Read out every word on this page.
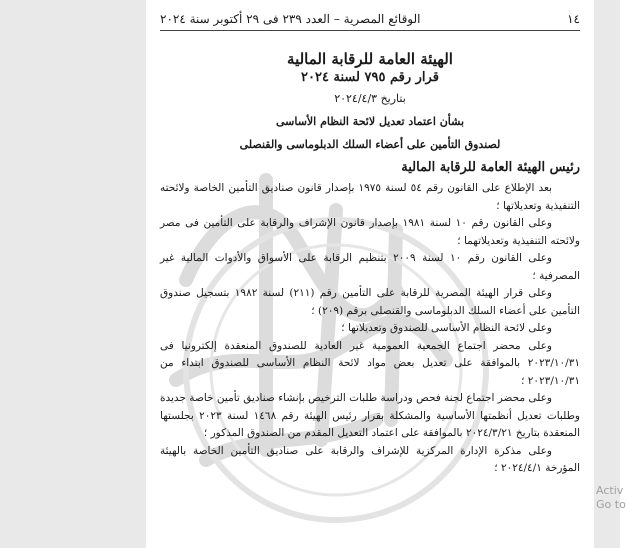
١٤
الوقائع المصرية – العدد ٢٣٩ فى ٢٩ أكتوبر سنة ٢٠٢٤
الهيئة العامة للرقابة المالية
قرار رقم ٧٩٥ لسنة ٢٠٢٤
بتاريخ ٢٠٢٤/٤/٣
بشأن اعتماد تعديل لائحة النظام الأساسى
لصندوق التأمين على أعضاء السلك الدبلوماسى والقنصلى
رئيس الهيئة العامة للرقابة المالية

بعد الإطلاع على القانون رقم ٥٤ لسنة ١٩٧٥ بإصدار قانون صناديق التأمين الخاصة ولائحته التنفيذية وتعديلاتها ؛

وعلى القانون رقم ١٠ لسنة ١٩٨١ بإصدار قانون الإشراف والرقابة على التأمين فى مصر ولائحته التنفيذية وتعديلاتهما ؛

وعلى القانون رقم ١٠ لسنة ٢٠٠٩ بتنظيم الرقابة على الأسواق والأدوات المالية غير المصرفية ؛

وعلى قرار الهيئة المصرية للرقابة على التأمين رقم (٢١١) لسنة ١٩٨٢ بتسجيل صندوق التأمين على أعضاء السلك الدبلوماسى والقنصلى برقم (٢٠٩) ؛

وعلى لائحة النظام الأساسى للصندوق وتعديلاتها ؛

وعلى محضر اجتماع الجمعية العمومية غير العادية للصندوق المنعقدة إلكترونيا فى ٢٠٢٣/١٠/٣١ بالموافقة على تعديل بعض مواد لائحة النظام الأساسى للصندوق ابتداء من ٢٠٢٣/١٠/٣١ ؛

وعلى محضر اجتماع لجنة فحص ودراسة طلبات الترخيص بإنشاء صناديق تأمين خاصة جديدة وطلبات تعديل أنظمتها الأساسية والمشكلة بقرار رئيس الهيئة رقم ١٤٦٨ لسنة ٢٠٢٣ بجلستها المنعقدة بتاريخ ٢٠٢٤/٣/٢١ بالموافقة على اعتماد التعديل المقدم من الصندوق المذكور ؛

وعلى مذكرة الإدارة المركزية للإشراف والرقابة على صناديق التأمين الخاصة بالهيئة المؤرخة ٢٠٢٤/٤/١ ؛

Activ
Go to
